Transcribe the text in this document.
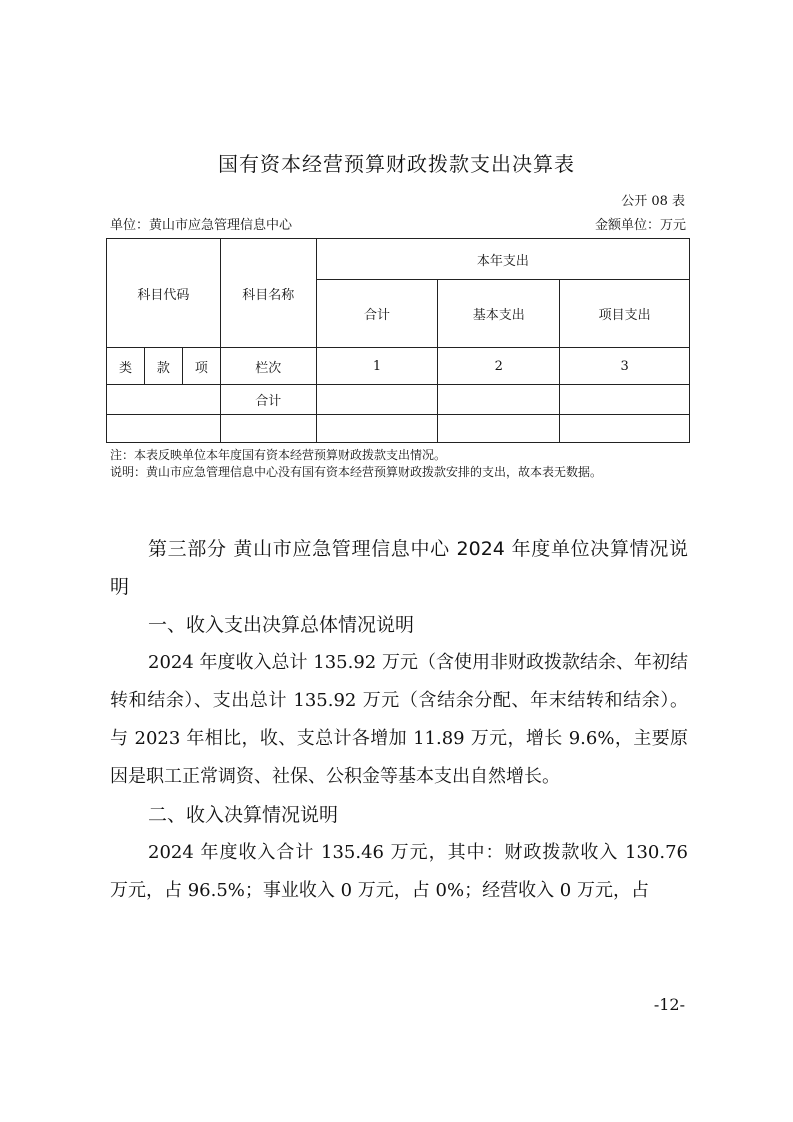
国有资本经营预算财政拨款支出决算表
公开 08 表
单位：黄山市应急管理信息中心	金额单位：万元
科目代码			科目名称	本年支出		
				合计	基本支出	项目支出
类	款	项	栏次	1	2	3
			合计			

注：本表反映单位本年度国有资本经营预算财政拨款支出情况。
说明：黄山市应急管理信息中心没有国有资本经营预算财政拨款安排的支出，故本表无数据。

第三部分 黄山市应急管理信息中心 2024 年度单位决算情况说明

一、收入支出决算总体情况说明

2024 年度收入总计 135.92 万元（含使用非财政拨款结余、年初结转和结余）、支出总计 135.92 万元（含结余分配、年末结转和结余）。与 2023 年相比，收、支总计各增加 11.89 万元，增长 9.6%，主要原因是职工正常调资、社保、公积金等基本支出自然增长。

二、收入决算情况说明

2024 年度收入合计 135.46 万元，其中：财政拨款收入 130.76 万元，占 96.5%；事业收入 0 万元，占 0%；经营收入 0 万元，占

-12-
